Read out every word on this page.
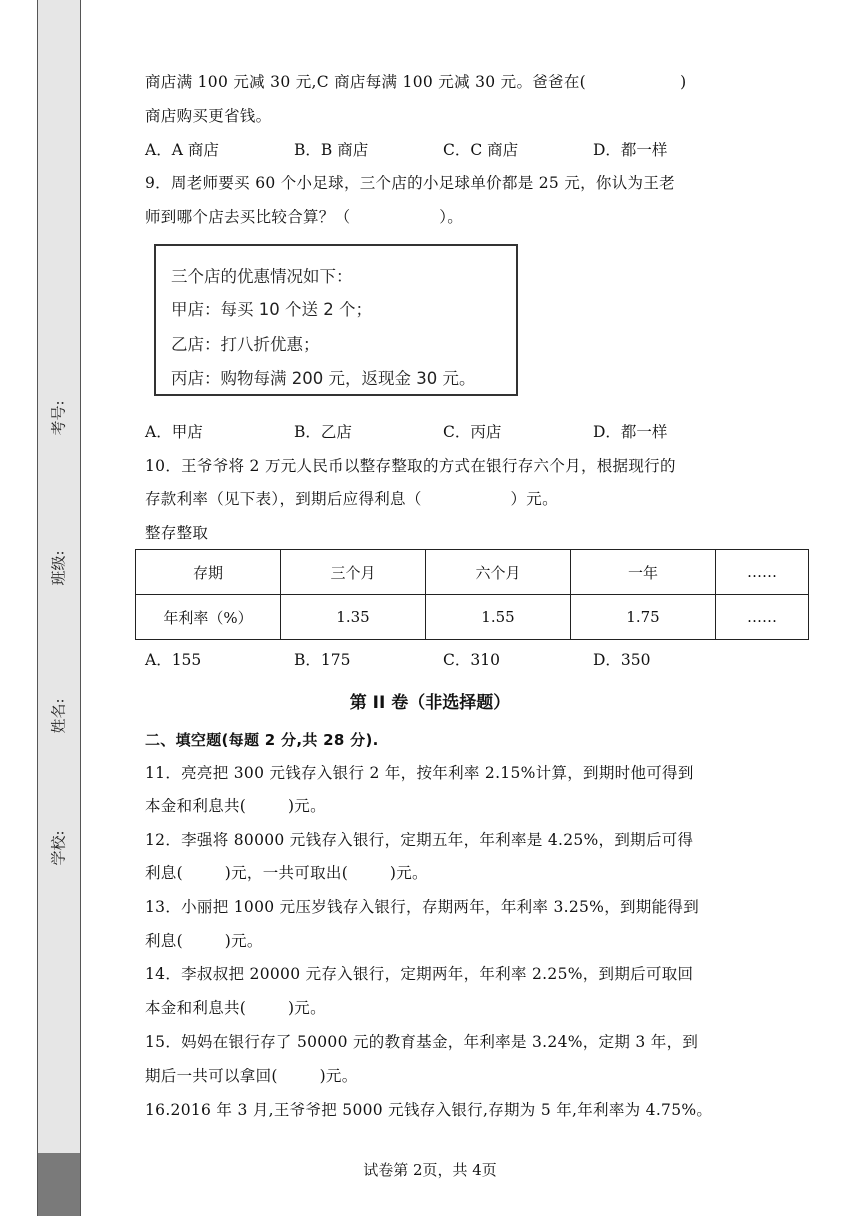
考号:
班级:
姓名:
学校:
商店满 100 元减 30 元,C 商店每满 100 元减 30 元。爸爸在(                  )
商店购买更省钱。
A．A 商店	B．B 商店	C．C 商店	D．都一样
9．周老师要买 60 个小足球，三个店的小足球单价都是 25 元，你认为王老
师到哪个店去买比较合算？（                 ）。
三个店的优惠情况如下：
甲店：每买 10 个送 2 个；
乙店：打八折优惠；
丙店：购物每满 200 元，返现金 30 元。
A．甲店	B．乙店	C．丙店	D．都一样
10．王爷爷将 2 万元人民币以整存整取的方式在银行存六个月，根据现行的
存款利率（见下表），到期后应得利息（                 ）元。
整存整取
存期	三个月	六个月	一年	……
年利率（%）	1.35	1.55	1.75	……
A．155	B．175	C．310	D．350
第 II 卷（非选择题）
二、填空题(每题 2 分,共 28 分).
11．亮亮把 300 元钱存入银行 2 年，按年利率 2.15%计算，到期时他可得到
本金和利息共(        )元。
12．李强将 80000 元钱存入银行，定期五年，年利率是 4.25%，到期后可得
利息(        )元，一共可取出(        )元。
13．小丽把 1000 元压岁钱存入银行，存期两年，年利率 3.25%，到期能得到
利息(        )元。
14．李叔叔把 20000 元存入银行，定期两年，年利率 2.25%，到期后可取回
本金和利息共(        )元。
15．妈妈在银行存了 50000 元的教育基金，年利率是 3.24%，定期 3 年，到
期后一共可以拿回(        )元。
16.2016 年 3 月,王爷爷把 5000 元钱存入银行,存期为 5 年,年利率为 4.75%。
试卷第 2页，共 4页
